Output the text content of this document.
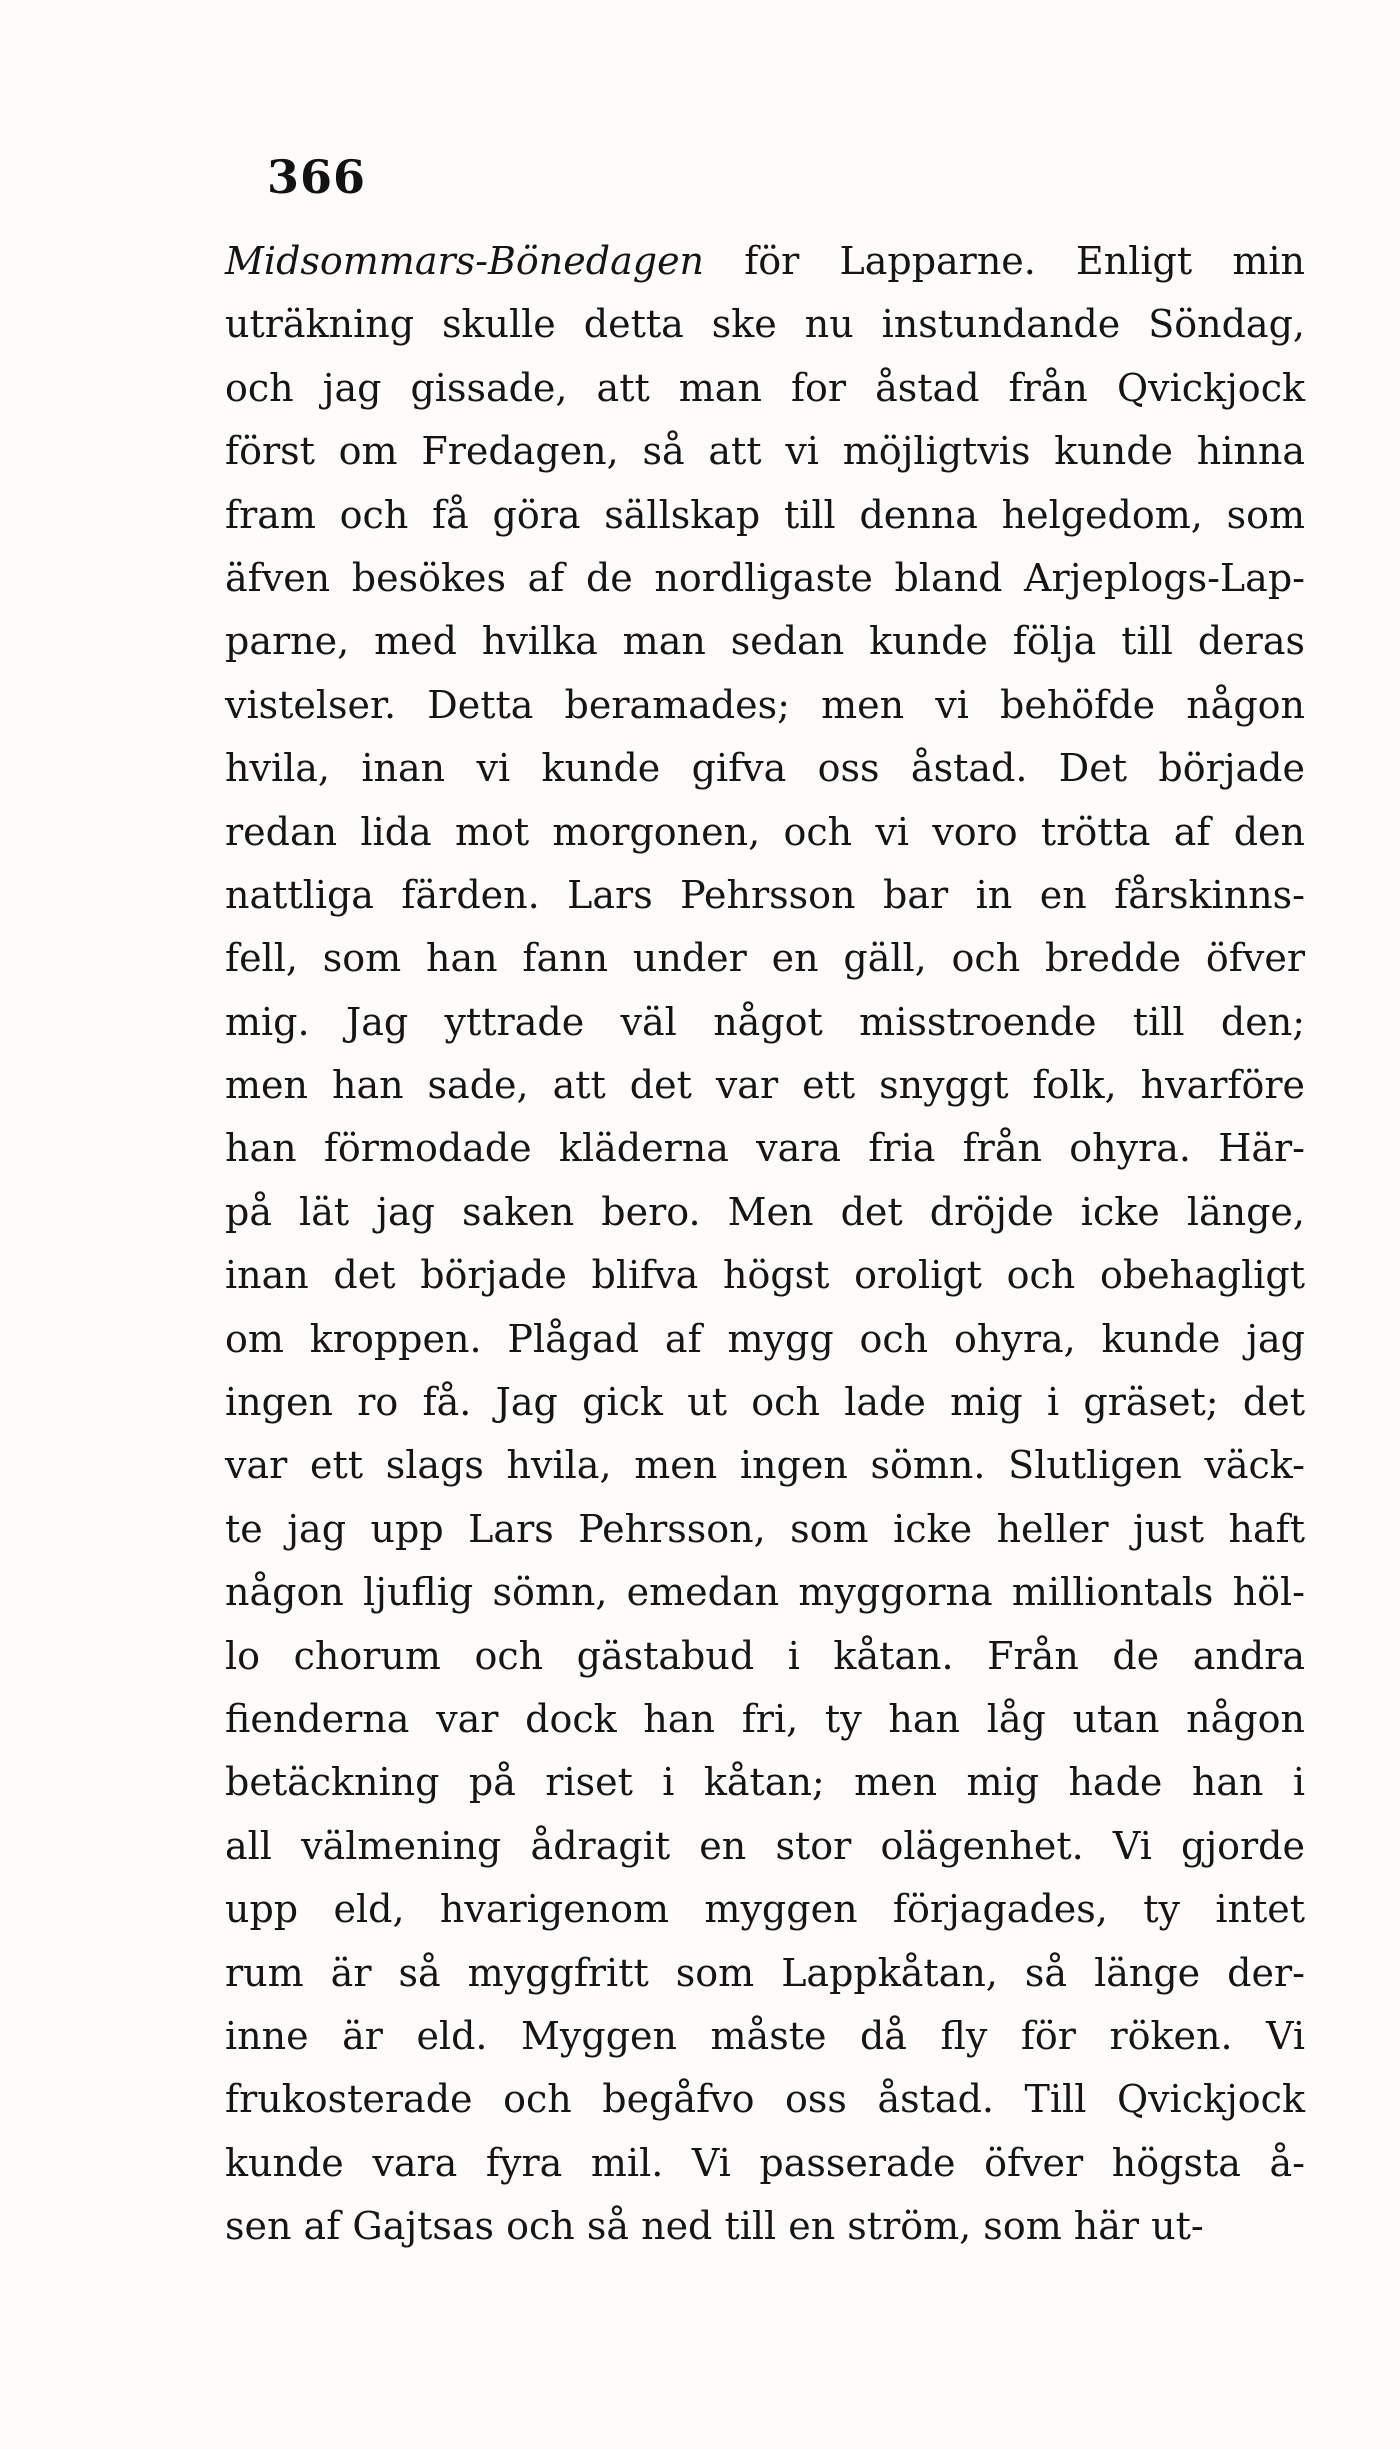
366
Midsommars-Bönedagen för Lapparne. Enligt min
uträkning skulle detta ske nu instundande Söndag,
och jag gissade, att man for åstad från Qvickjock
först om Fredagen, så att vi möjligtvis kunde hinna
fram och få göra sällskap till denna helgedom, som
äfven besökes af de nordligaste bland Arjeplogs-Lap-
parne, med hvilka man sedan kunde följa till deras
vistelser. Detta beramades; men vi behöfde någon
hvila, inan vi kunde gifva oss åstad. Det började
redan lida mot morgonen, och vi voro trötta af den
nattliga färden. Lars Pehrsson bar in en fårskinns-
fell, som han fann under en gäll, och bredde öfver
mig. Jag yttrade väl något misstroende till den;
men han sade, att det var ett snyggt folk, hvarföre
han förmodade kläderna vara fria från ohyra. Här-
på lät jag saken bero. Men det dröjde icke länge,
inan det började blifva högst oroligt och obehagligt
om kroppen. Plågad af mygg och ohyra, kunde jag
ingen ro få. Jag gick ut och lade mig i gräset; det
var ett slags hvila, men ingen sömn. Slutligen väck-
te jag upp Lars Pehrsson, som icke heller just haft
någon ljuflig sömn, emedan myggorna milliontals höl-
lo chorum och gästabud i kåtan. Från de andra
fienderna var dock han fri, ty han låg utan någon
betäckning på riset i kåtan; men mig hade han i
all välmening ådragit en stor olägenhet. Vi gjorde
upp eld, hvarigenom myggen förjagades, ty intet
rum är så myggfritt som Lappkåtan, så länge der-
inne är eld. Myggen måste då fly för röken. Vi
frukosterade och begåfvo oss åstad. Till Qvickjock
kunde vara fyra mil. Vi passerade öfver högsta å-
sen af Gajtsas och så ned till en ström, som här ut-
